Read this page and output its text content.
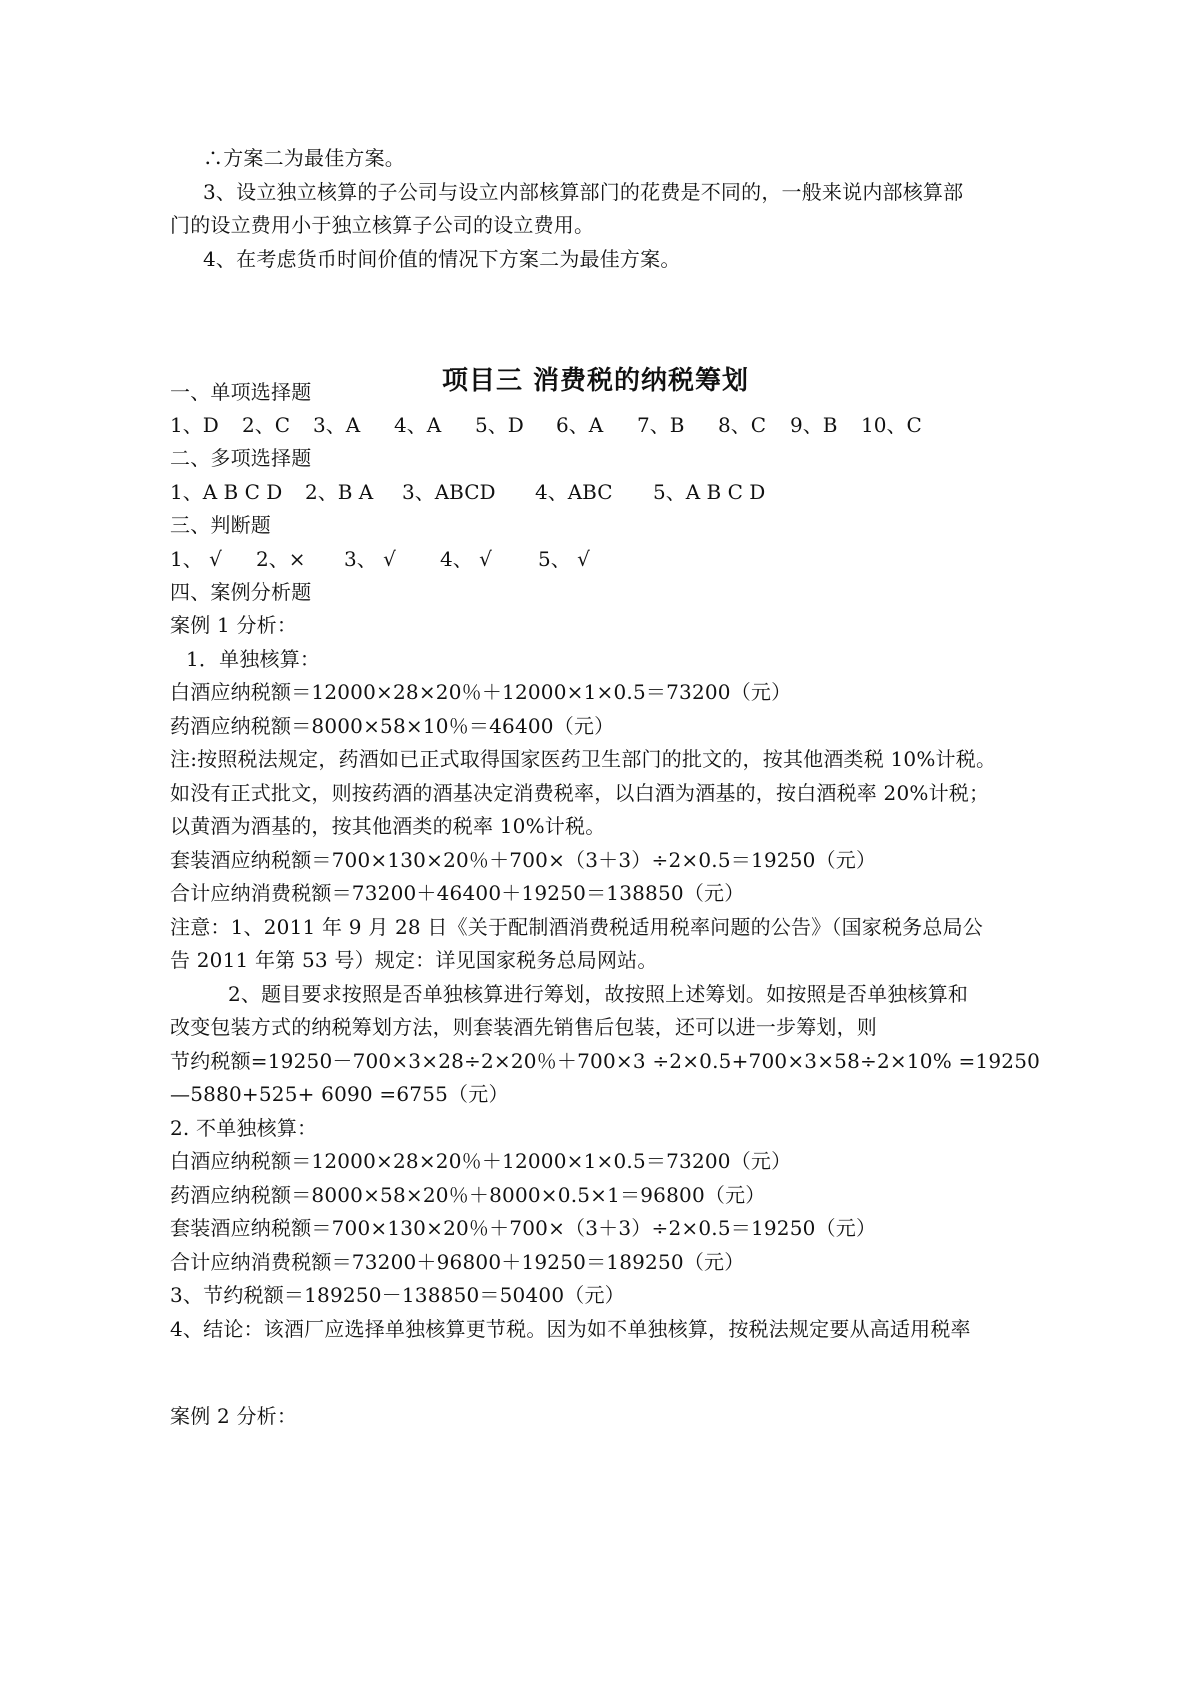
∴方案二为最佳方案。
3、设立独立核算的子公司与设立内部核算部门的花费是不同的，一般来说内部核算部
门的设立费用小于独立核算子公司的设立费用。
4、在考虑货币时间价值的情况下方案二为最佳方案。
项目三 消费税的纳税筹划
一、单项选择题
1、D 2、C 3、A 4、A 5、D 6、A 7、B 8、C 9、B 10、C
二、多项选择题
1、A B C D 2、B A 3、ABCD 4、ABC 5、A B C D
三、判断题
1、 √ 2、× 3、 √ 4、 √ 5、 √
四、案例分析题
案例 1 分析：
1．单独核算：
白酒应纳税额＝12000×28×20％＋12000×1×0.5＝73200（元）
药酒应纳税额＝8000×58×10％＝46400（元）
注:按照税法规定，药酒如已正式取得国家医药卫生部门的批文的，按其他酒类税 10%计税。
如没有正式批文，则按药酒的酒基决定消费税率，以白酒为酒基的，按白酒税率 20%计税；
以黄酒为酒基的，按其他酒类的税率 10%计税。
套装酒应纳税额＝700×130×20％＋700×（3＋3）÷2×0.5＝19250（元）
合计应纳消费税额＝73200＋46400＋19250＝138850（元）
注意：1、2011 年 9 月 28 日《关于配制酒消费税适用税率问题的公告》（国家税务总局公
告 2011 年第 53 号）规定：详见国家税务总局网站。
2、题目要求按照是否单独核算进行筹划，故按照上述筹划。如按照是否单独核算和
改变包装方式的纳税筹划方法，则套装酒先销售后包装，还可以进一步筹划，则
节约税额=19250－700×3×28÷2×20％＋700×3 ÷2×0.5+700×3×58÷2×10% =19250
—5880+525+ 6090 =6755（元）
2. 不单独核算：
白酒应纳税额＝12000×28×20％＋12000×1×0.5＝73200（元）
药酒应纳税额＝8000×58×20％＋8000×0.5×1＝96800（元）
套装酒应纳税额＝700×130×20％＋700×（3＋3）÷2×0.5＝19250（元）
合计应纳消费税额＝73200＋96800＋19250＝189250（元）
3、节约税额＝189250－138850＝50400（元）
4、结论：该酒厂应选择单独核算更节税。因为如不单独核算，按税法规定要从高适用税率
案例 2 分析：
